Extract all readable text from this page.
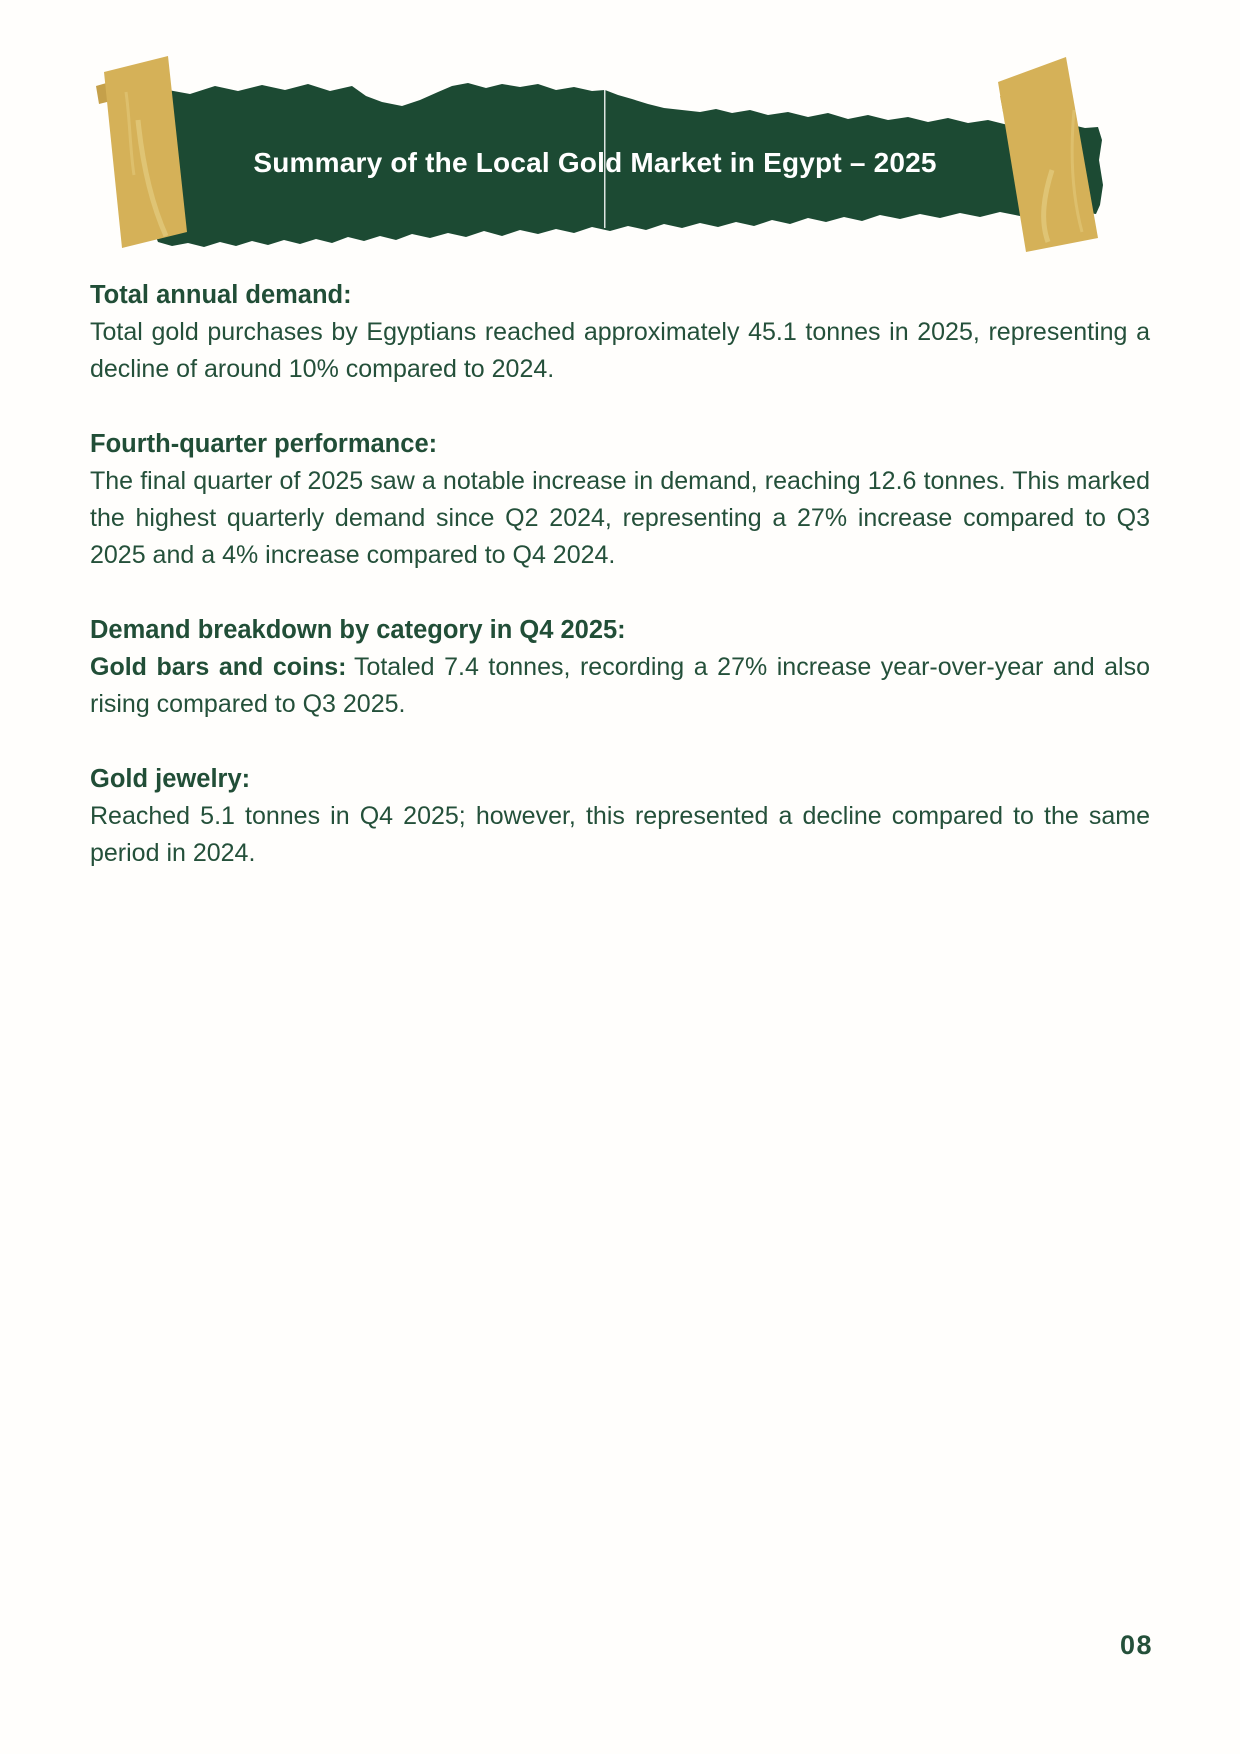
Summary of the Local Gold Market in Egypt – 2025
Total annual demand:

Total gold purchases by Egyptians reached approximately 45.1 tonnes in 2025, representing a decline of around 10% compared to 2024.

Fourth-quarter performance:

The final quarter of 2025 saw a notable increase in demand, reaching 12.6 tonnes. This marked the highest quarterly demand since Q2 2024, representing a 27% increase compared to Q3 2025 and a 4% increase compared to Q4 2024.

Demand breakdown by category in Q4 2025:

Gold bars and coins: Totaled 7.4 tonnes, recording a 27% increase year-over-year and also rising compared to Q3 2025.

Gold jewelry:

Reached 5.1 tonnes in Q4 2025; however, this represented a decline compared to the same period in 2024.

08
